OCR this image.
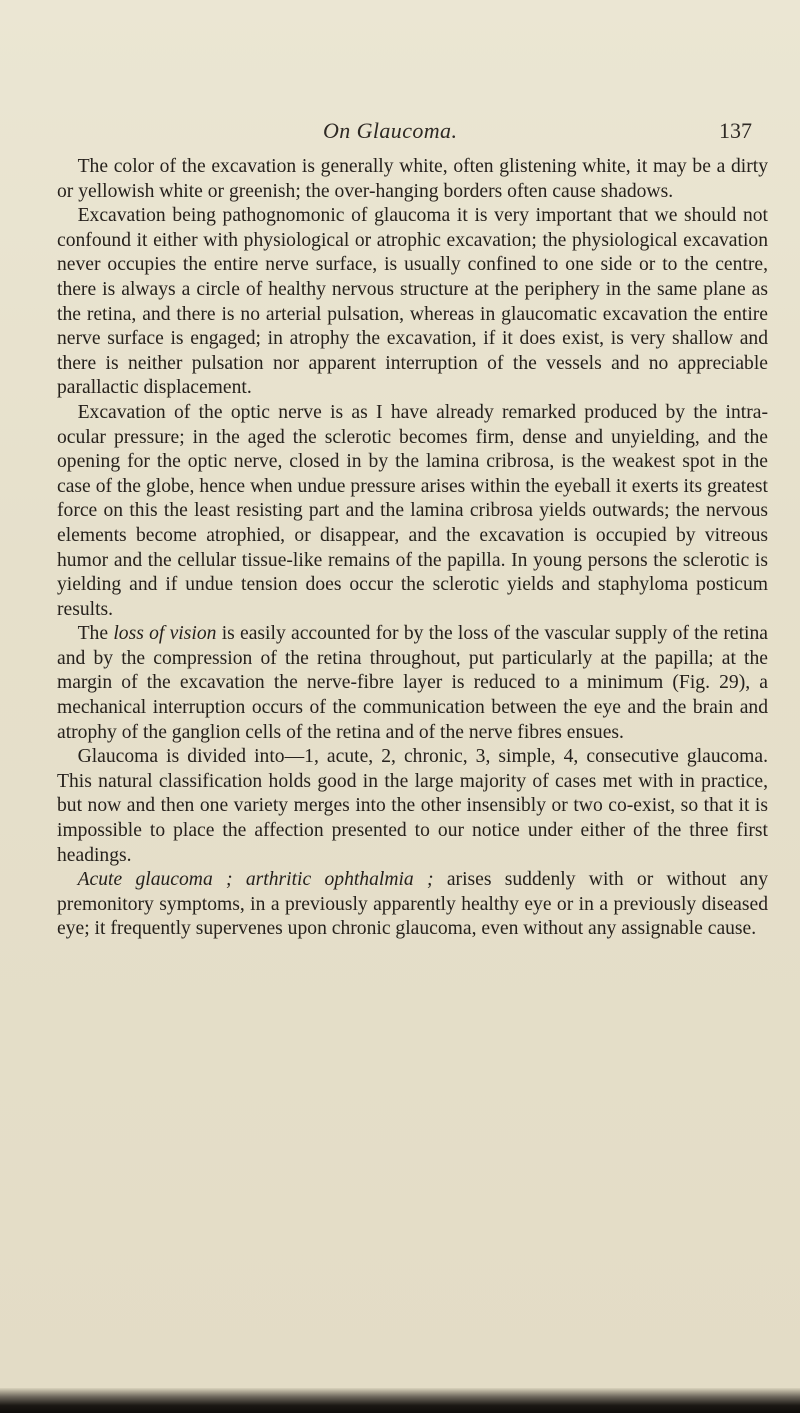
On Glaucoma.	137

The color of the excavation is generally white, often glistening white, it may be a dirty or yellowish white or greenish; the over-hanging borders often cause shadows.

Excavation being pathognomonic of glaucoma it is very important that we should not confound it either with physiological or atrophic excavation; the physiological excavation never occupies the entire nerve surface, is usually confined to one side or to the centre, there is always a circle of healthy nervous structure at the periphery in the same plane as the retina, and there is no arterial pulsation, whereas in glaucomatic excavation the entire nerve surface is engaged; in atrophy the excavation, if it does exist, is very shallow and there is neither pulsation nor apparent interruption of the vessels and no appreciable parallactic displacement.

Excavation of the optic nerve is as I have already remarked produced by the intra-ocular pressure; in the aged the sclerotic becomes firm, dense and unyielding, and the opening for the optic nerve, closed in by the lamina cribrosa, is the weakest spot in the case of the globe, hence when undue pressure arises within the eyeball it exerts its greatest force on this the least resisting part and the lamina cribrosa yields outwards; the nervous elements become atrophied, or disappear, and the excavation is occupied by vitreous humor and the cellular tissue-like remains of the papilla. In young persons the sclerotic is yielding and if undue tension does occur the sclerotic yields and staphyloma posticum results.

The loss of vision is easily accounted for by the loss of the vascular supply of the retina and by the compression of the retina throughout, put particularly at the papilla; at the margin of the excavation the nerve-fibre layer is reduced to a minimum (Fig. 29), a mechanical interruption occurs of the communication between the eye and the brain and atrophy of the ganglion cells of the retina and of the nerve fibres ensues.

Glaucoma is divided into—1, acute, 2, chronic, 3, simple, 4, consecutive glaucoma. This natural classification holds good in the large majority of cases met with in practice, but now and then one variety merges into the other insensibly or two co-exist, so that it is impossible to place the affection presented to our notice under either of the three first headings.

Acute glaucoma ; arthritic ophthalmia ; arises suddenly with or without any premonitory symptoms, in a previously apparently healthy eye or in a previously diseased eye; it frequently supervenes upon chronic glaucoma, even without any assignable cause.
